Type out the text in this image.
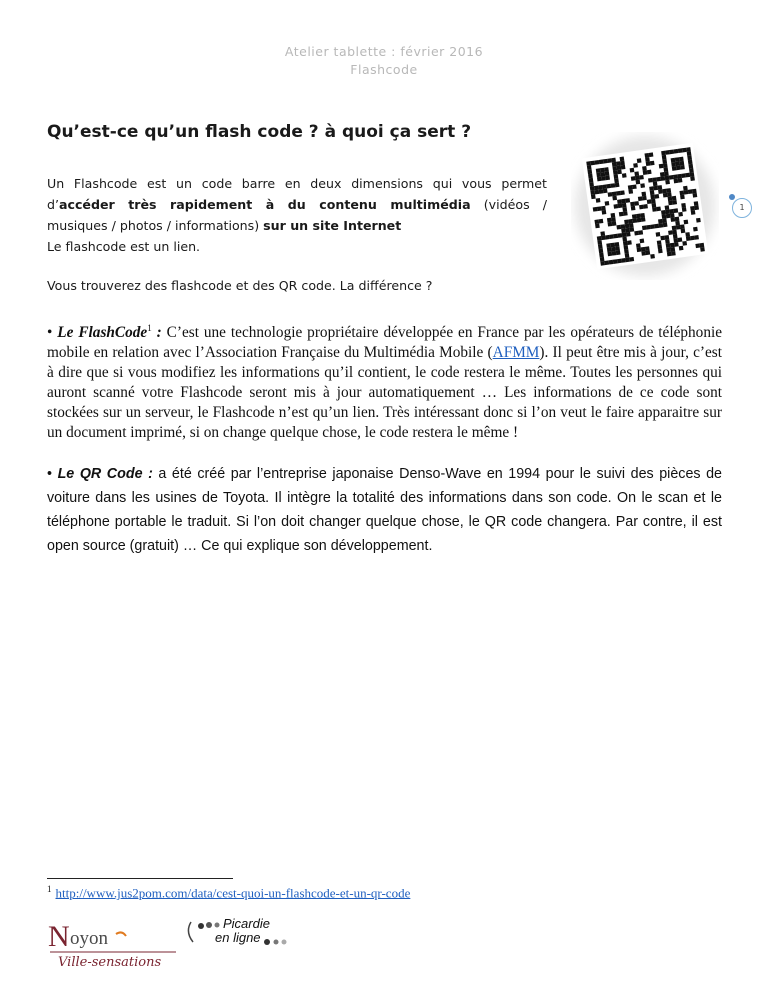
Atelier tablette : février 2016
Flashcode
Qu’est-ce qu’un flash code ? à quoi ça sert ?
Un Flashcode est un code barre en deux dimensions qui vous permet
d’accéder très rapidement à du contenu multimédia (vidéos /
musiques / photos / informations) sur un site Internet
Le flashcode est un lien.
1
Vous trouverez des flashcode et des QR code. La différence ?
• Le FlashCode$^1$ : C’est une technologie propriétaire développée en France par les opérateurs de téléphonie mobile en relation avec l’Association Française du Multimédia Mobile (AFMM). Il peut être mis à jour, c’est à dire que si vous modifiez les informations qu’il contient, le code restera le même. Toutes les personnes qui auront scanné votre Flashcode seront mis à jour automatiquement … Les informations de ce code sont stockées sur un serveur, le Flashcode n’est qu’un lien. Très intéressant donc si l’on veut le faire apparaitre sur un document imprimé, si on change quelque chose, le code restera le même !
• Le QR Code : a été créé par l’entreprise japonaise Denso-Wave en 1994 pour le suivi des pièces de voiture dans les usines de Toyota. Il intègre la totalité des informations dans son code. On le scan et le téléphone portable le traduit. Si l’on doit changer quelque chose, le QR code changera. Par contre, il est open source (gratuit) … Ce qui explique son développement.
$^1$ http://www.jus2pom.com/data/cest-quoi-un-flashcode-et-un-qr-code
N oyon
Ville-sensations
Picardie
en ligne
